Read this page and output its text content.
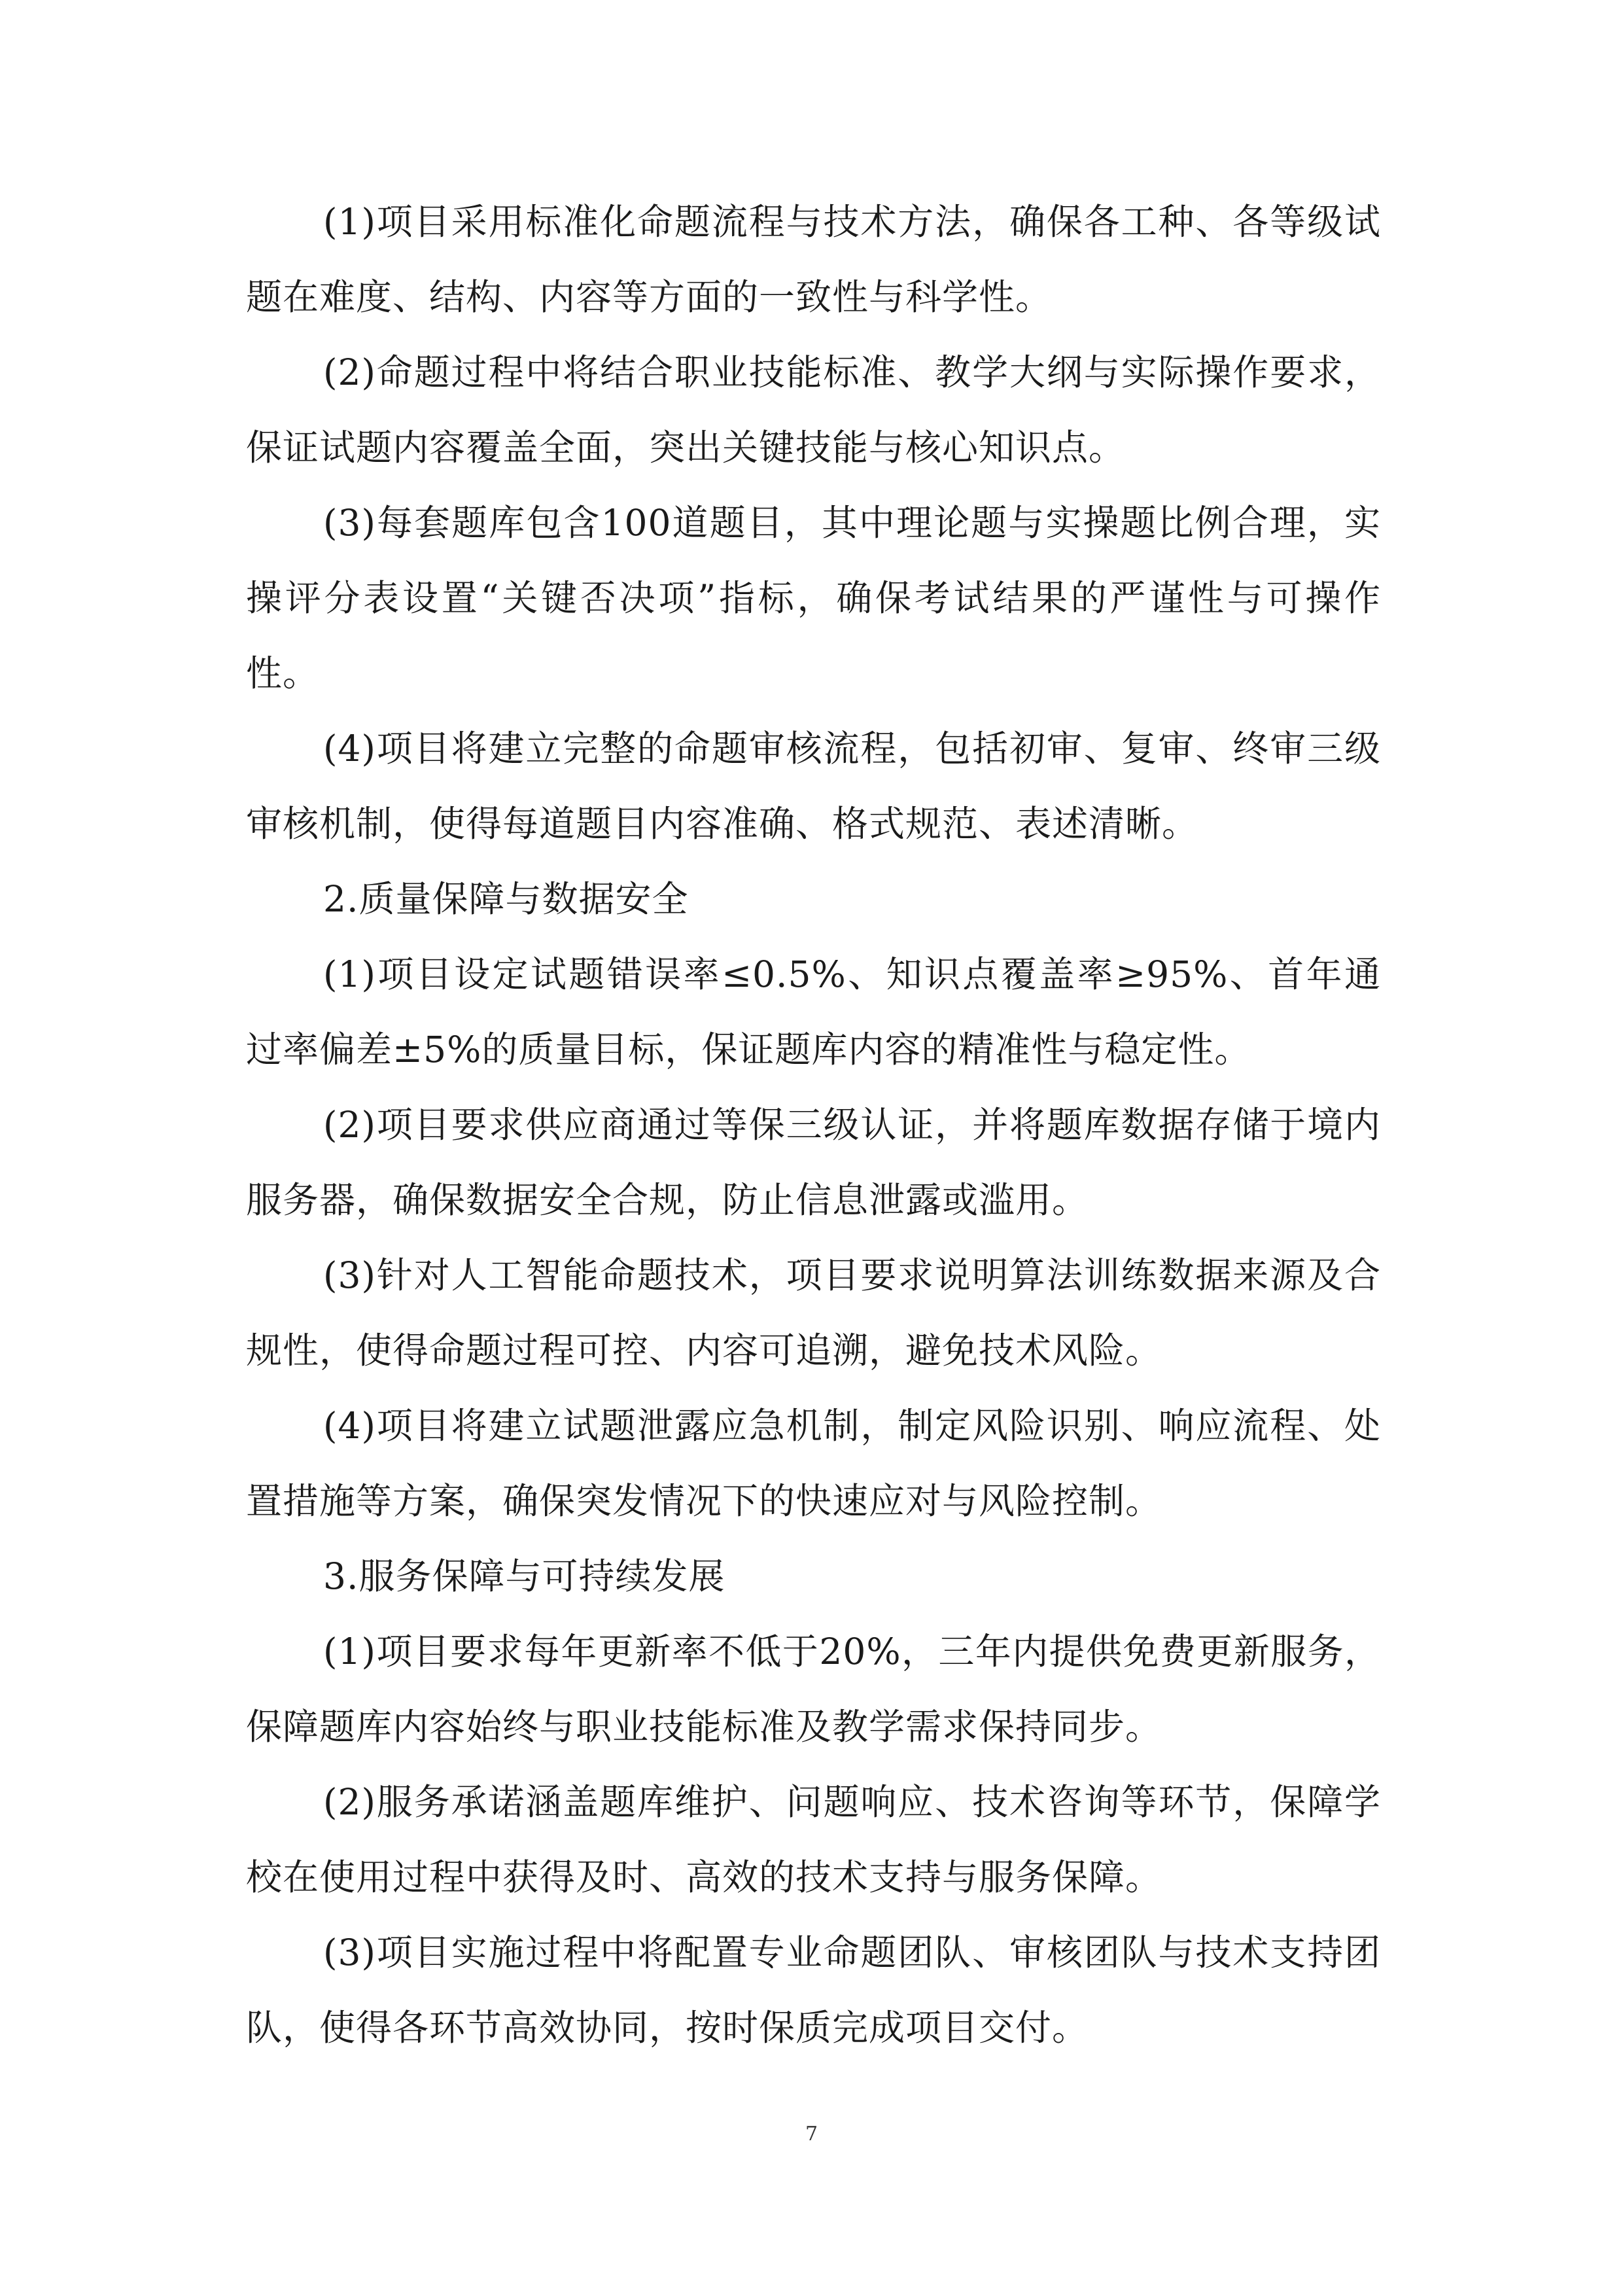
(1)项目采用标准化命题流程与技术方法，确保各工种、各等级试题在难度、结构、内容等方面的一致性与科学性。

(2)命题过程中将结合职业技能标准、教学大纲与实际操作要求，保证试题内容覆盖全面，突出关键技能与核心知识点。

(3)每套题库包含100道题目，其中理论题与实操题比例合理，实操评分表设置“关键否决项”指标，确保考试结果的严谨性与可操作性。

(4)项目将建立完整的命题审核流程，包括初审、复审、终审三级审核机制，使得每道题目内容准确、格式规范、表述清晰。

2.质量保障与数据安全

(1)项目设定试题错误率≤0.5%、知识点覆盖率≥95%、首年通过率偏差±5%的质量目标，保证题库内容的精准性与稳定性。

(2)项目要求供应商通过等保三级认证，并将题库数据存储于境内服务器，确保数据安全合规，防止信息泄露或滥用。

(3)针对人工智能命题技术，项目要求说明算法训练数据来源及合规性，使得命题过程可控、内容可追溯，避免技术风险。

(4)项目将建立试题泄露应急机制，制定风险识别、响应流程、处置措施等方案，确保突发情况下的快速应对与风险控制。

3.服务保障与可持续发展

(1)项目要求每年更新率不低于20%，三年内提供免费更新服务，保障题库内容始终与职业技能标准及教学需求保持同步。

(2)服务承诺涵盖题库维护、问题响应、技术咨询等环节，保障学校在使用过程中获得及时、高效的技术支持与服务保障。

(3)项目实施过程中将配置专业命题团队、审核团队与技术支持团队，使得各环节高效协同，按时保质完成项目交付。

7
